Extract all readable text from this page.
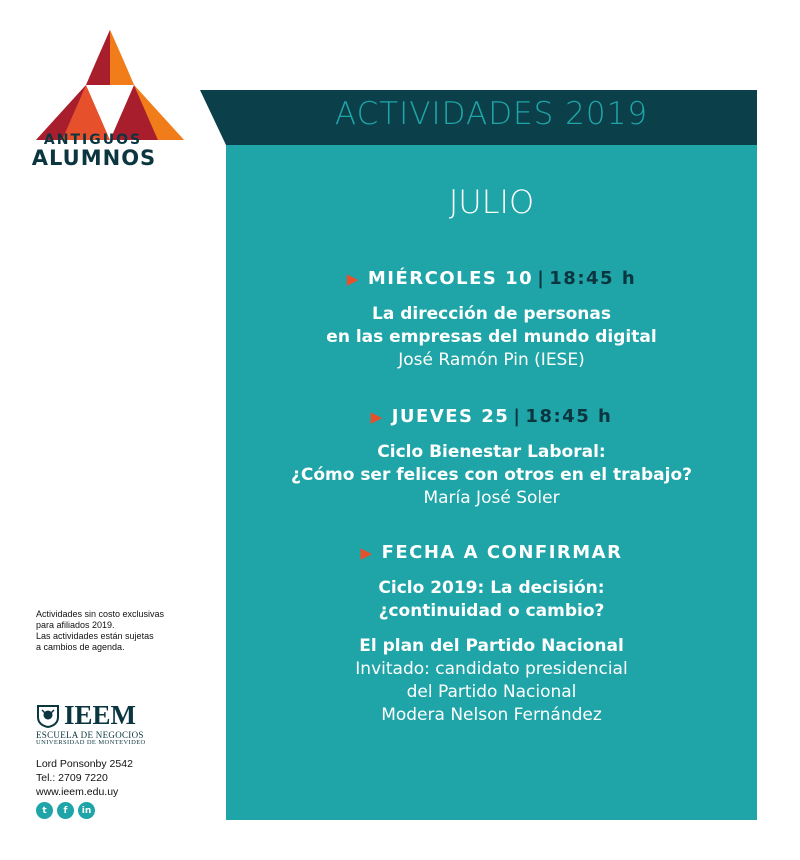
ANTIGUOS
ALUMNOS
ACTIVIDADES 2019
JULIO
▶ MIÉRCOLES 10 | 18:45 h
La dirección de personas
en las empresas del mundo digital
José Ramón Pin (IESE)
▶ JUEVES 25 | 18:45 h
Ciclo Bienestar Laboral:
¿Cómo ser felices con otros en el trabajo?
María José Soler
▶ FECHA A CONFIRMAR
Ciclo 2019: La decisión:
¿continuidad o cambio?
El plan del Partido Nacional
Invitado: candidato presidencial
del Partido Nacional
Modera Nelson Fernández
Actividades sin costo exclusivas
para afiliados 2019.
Las actividades están sujetas
a cambios de agenda.
IEEM
ESCUELA DE NEGOCIOS
UNIVERSIDAD DE MONTEVIDEO
Lord Ponsonby 2542
Tel.: 2709 7220
www.ieem.edu.uy
t	f	in
